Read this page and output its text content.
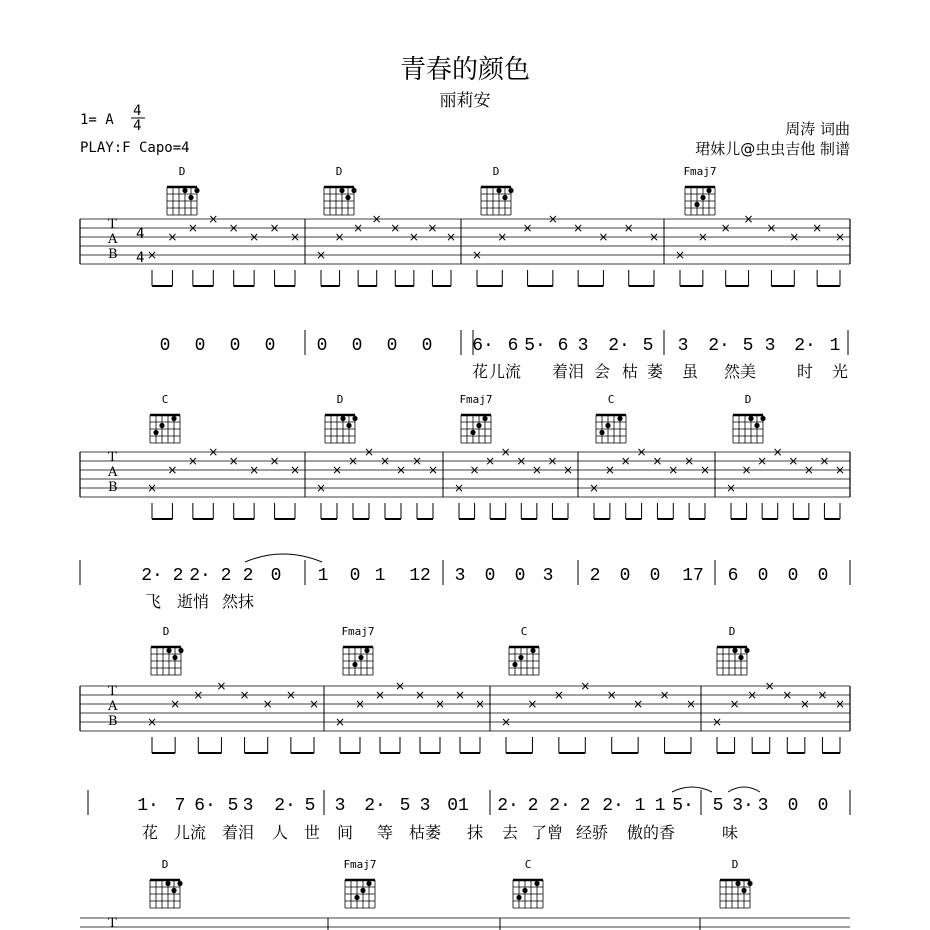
青春的颜色
丽莉安
1= A
4
4
PLAY:F Capo=4
周涛 词曲
珺妹儿@虫虫吉他 制谱
D	D	D	Fmaj7
T
A
B
4
4 ×
×
×
×
×
×
×
×
×
×
×
×
×
×
×
×
×
×
×
×
×
×
×
×
×
×
×
×
×
×
×
×
0 0 0 0 0 0 0 0 6· 6 5· 6 3 2· 5 3 2· 5 3 2· 1
花 儿流 着泪 会 枯 萎 虽 然美	时 光
C	D	Fmaj7	C	D
T
A
B ×
×
×
×
×
×
×
×
×
×
×
×
×
×
×
×
×
×
×
×
×
×
×
×
×
×
×
×
×
×
×
×
×
×
×
×
×
×
×
×
2· 2 2· 2 2 0 1 0 1 12 3 0 0 3 2 0 0 17 6 0 0 0
飞 逝悄 然抹
D	Fmaj7	C	D
T
A
B ×
×
×
×
×
×
×
×
×
×
×
×
×
×
×
×
×
×
×
×
×
×
×
×
×
×
×
×
×
×
×
×
1· 7 6· 5 3 2· 5 3 2· 5 3 01 2· 2 2· 2 2· 1 1 5· 5 3· 3 0 0
花 儿流 着泪 人 世 间 等 枯萎 抹 去 了曾 经骄 傲的香	味
D	Fmaj7	C	D
T
